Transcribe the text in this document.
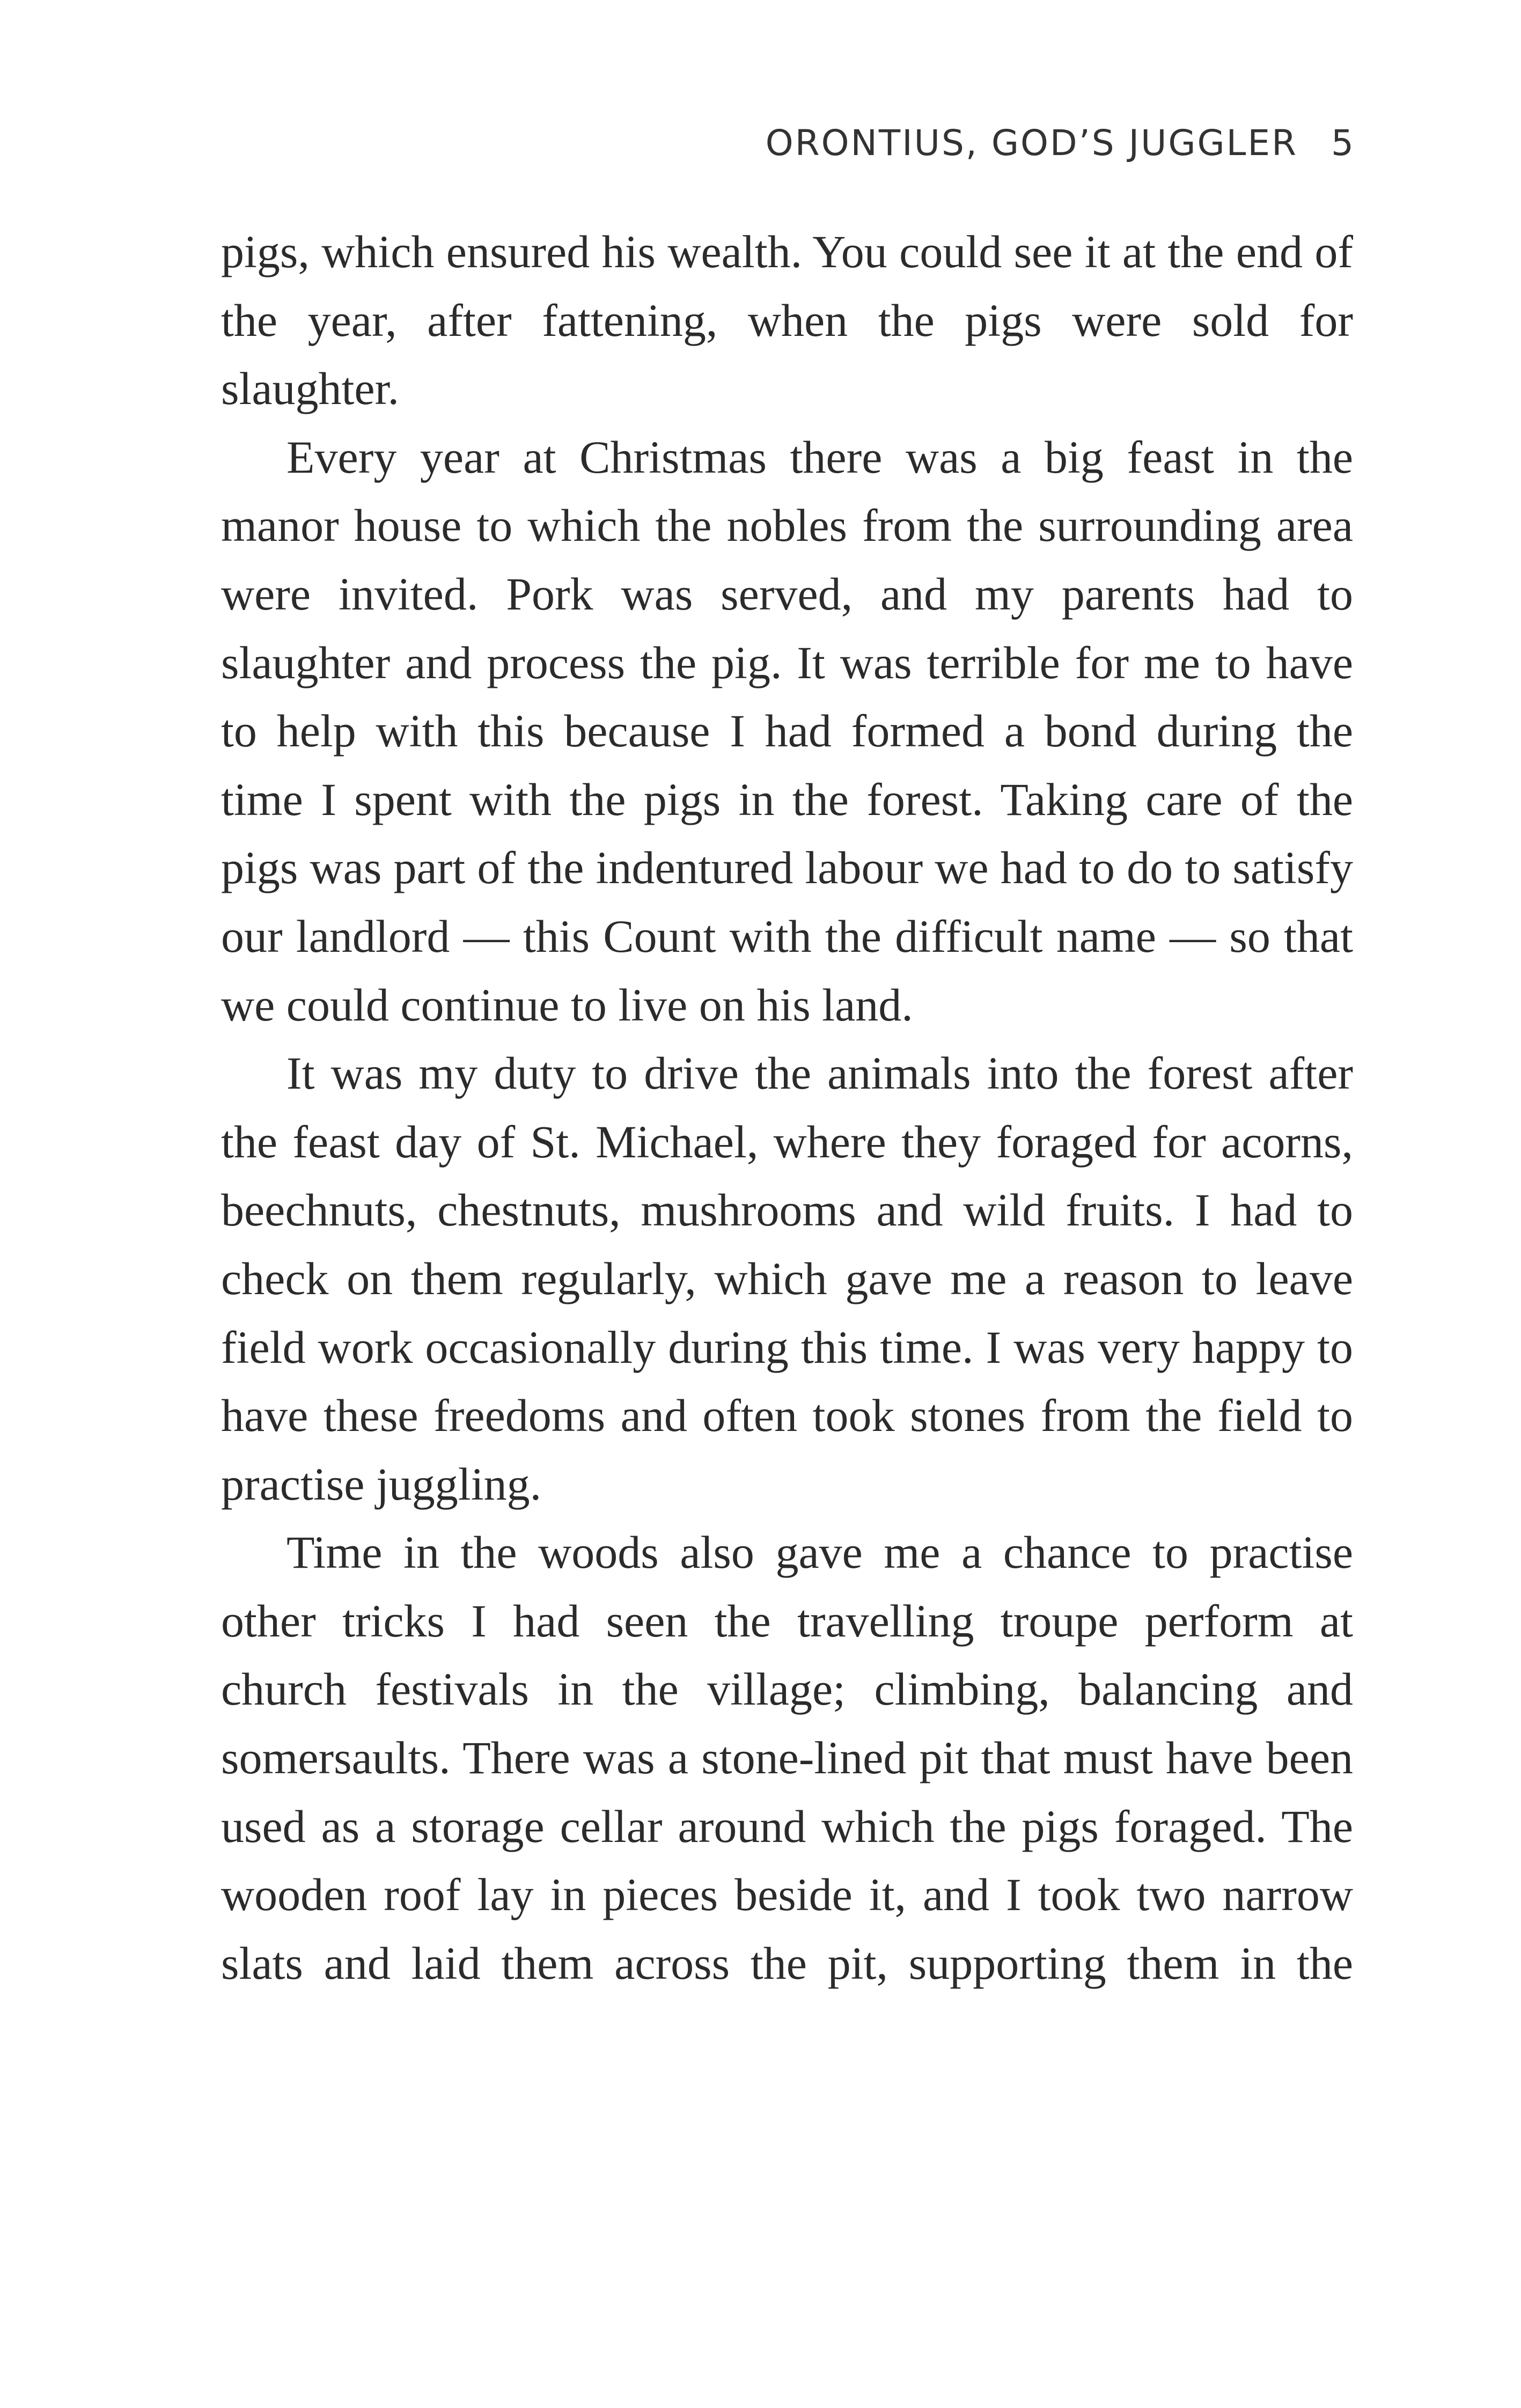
ORONTIUS, GOD’S JUGGLER 5

pigs, which ensured his wealth. You could see it at the end of the year, after fattening, when the pigs were sold for slaughter.

Every year at Christmas there was a big feast in the manor house to which the nobles from the surrounding area were invited. Pork was served, and my parents had to slaughter and process the pig. It was terrible for me to have to help with this because I had formed a bond during the time I spent with the pigs in the forest. Taking care of the pigs was part of the indentured labour we had to do to satisfy our landlord — this Count with the difficult name — so that we could continue to live on his land.

It was my duty to drive the animals into the forest after the feast day of St. Michael, where they foraged for acorns, beechnuts, chestnuts, mushrooms and wild fruits. I had to check on them regularly, which gave me a reason to leave field work occasionally during this time. I was very happy to have these freedoms and often took stones from the field to practise juggling.

Time in the woods also gave me a chance to practise other tricks I had seen the travelling troupe perform at church festivals in the village; climbing, balancing and somersaults. There was a stone-lined pit that must have been used as a storage cellar around which the pigs foraged. The wooden roof lay in pieces beside it, and I took two narrow slats and laid them across the pit, supporting them in the
